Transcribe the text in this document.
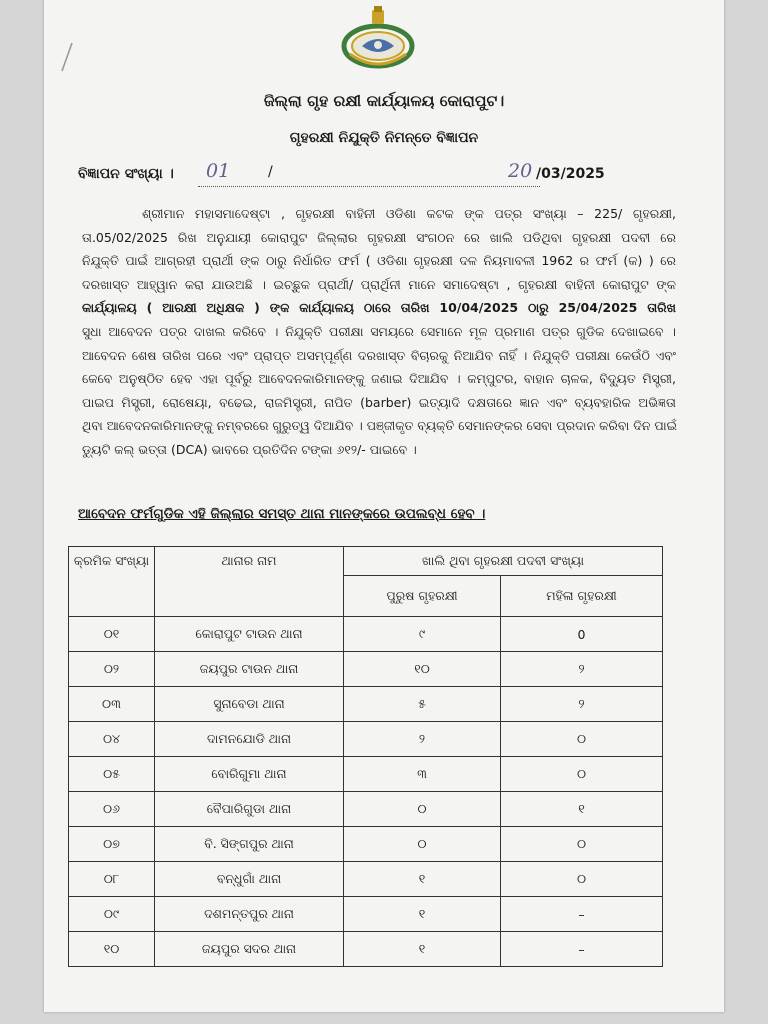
ଜିଲ୍ଲା ଗୃହ ରକ୍ଷୀ କାର୍ଯ୍ୟାଳୟ କୋରାପୁଟ।
ଗୃହରକ୍ଷୀ ନିଯୁକ୍ତି ନିମନ୍ତେ ବିଜ୍ଞାପନ
ବିଜ୍ଞାପନ ସଂଖ୍ୟା । 01	/	20 /03/2025

ଶ୍ରୀମାନ ମହାସମାଦେଷ୍ଟା , ଗୃହରକ୍ଷୀ ବାହିନୀ ଓଡିଶା କଟକ ଙ୍କ ପତ୍ର ସଂଖ୍ୟା – 225/ ଗୃହରକ୍ଷୀ,
ତା.05/02/2025 ରିଖ ଅନୁଯାୟୀ କୋରାପୁଟ ଜିଲ୍ଲାର ଗୃହରକ୍ଷୀ ସଂଗଠନ ରେ ଖାଲି ପଡିଥିବା ଗୃହରକ୍ଷୀ ପଦବୀ ରେ
ନିଯୁକ୍ତି ପାଇଁ ଆଗ୍ରହୀ ପ୍ରାର୍ଥୀ ଙ୍କ ଠାରୁ ନିର୍ଧାରିତ ଫର୍ମ ( ଓଡିଶା ଗୃହରକ୍ଷୀ ଦଳ ନିୟମାବଳୀ 1962 ର ଫର୍ମ (କ) ) ରେ
ଦରଖାସ୍ତ ଆହ୍ୱାନ କରା ଯାଉଅଛି । ଇଚ୍ଛୁକ ପ୍ରାର୍ଥୀ/ ପ୍ରାର୍ଥିନୀ ମାନେ ସମାଦେଷ୍ଟା , ଗୃହରକ୍ଷୀ ବାହିନୀ କୋରାପୁଟ ଙ୍କ
କାର୍ଯ୍ୟାଳୟ ( ଆରକ୍ଷୀ ଅଧିକ୍ଷକ ) ଙ୍କ କାର୍ଯ୍ୟାଳୟ ଠାରେ ତାରିଖ 10/04/2025 ଠାରୁ 25/04/2025 ତାରିଖ
ସୁଧା ଆବେଦନ ପତ୍ର ଦାଖଲ କରିବେ । ନିଯୁକ୍ତି ପରୀକ୍ଷା ସମୟରେ ସେମାନେ ମୂଳ ପ୍ରମାଣ ପତ୍ର ଗୁଡିକ ଦେଖାଇବେ ।
ଆବେଦନ ଶେଷ ତାରିଖ ପରେ ଏବଂ ପ୍ରାପ୍ତ ଅସମ୍ପୂର୍ଣ୍ଣ ଦରଖାସ୍ତ ବିଚାରକୁ ନିଆଯିବ ନାହିଁ । ନିଯୁକ୍ତି ପରୀକ୍ଷା କେଉଁଠି ଏବଂ
କେବେ ଅନୁଷ୍ଠିତ ହେବ ଏହା ପୂର୍ବରୁ ଆବେଦନକାରିମାନଙ୍କୁ ଜଣାଇ ଦିଆଯିବ । କମ୍ପୁଟର, ବାହାନ ଚାଳକ, ବିଦ୍ୟୁତ ମିସ୍ତ୍ରୀ,
ପାଇପ ମିସ୍ତ୍ରୀ, ରୋଷେୟା, ବଢେଇ, ରାଜମିସ୍ତ୍ରୀ, ନାପିତ (barber) ଇତ୍ୟାଦି ଦକ୍ଷତାରେ ଜ୍ଞାନ ଏବଂ ବ୍ୟବହାରିକ ଅଭିଜ୍ଞତା
ଥିବା ଆବେଦନକାରିମାନଙ୍କୁ ନମ୍ବରରେ ଗୁରୁତ୍ୱ ଦିଆଯିବ । ପଞ୍ଜୀକୃତ ବ୍ୟକ୍ତି ସେମାନଙ୍କର ସେବା ପ୍ରଦାନ କରିବା ଦିନ ପାଇଁ
ଡ୍ୟୁଟି କଲ୍ ଭତ୍ତା (DCA) ଭାବରେ ପ୍ରତିଦିନ ଟଙ୍କା ୬୧୨/- ପାଇବେ ।

ଆବେଦନ ଫର୍ମଗୁଡିକ ଏହି ଜିଲ୍ଲାର ସମସ୍ତ ଥାନା ମାନଙ୍କରେ ଉପଲବ୍ଧ ହେବ ।
କ୍ରମିକ ସଂଖ୍ୟା	ଥାନାର ନାମ	ଖାଲି ଥିବା ଗୃହରକ୍ଷୀ ପଦବୀ ସଂଖ୍ୟା	
		ପୁରୁଷ ଗୃହରକ୍ଷୀ	ମହିଳା ଗୃହରକ୍ଷୀ
୦୧	କୋରାପୁଟ ଟାଉନ ଥାନା	୯	0
୦୨	ଜୟପୁର ଟାଉନ ଥାନା	୧୦	୨
୦୩	ସୁନାବେଡା ଥାନା	୫	୨
୦୪	ଦାମନଯୋଡି ଥାନା	୨	୦
୦୫	ବୋରିଗୁମା ଥାନା	୩	୦
୦୬	ବୈପାରିଗୁଡା ଥାନା	୦	୧
୦୭	ବି. ସିଙ୍ଗପୁର ଥାନା	୦	୦
୦୮	ବନ୍ଧୁଗାଁ ଥାନା	୧	୦
୦୯	ଦଶମନ୍ତପୁର ଥାନା	୧	–
୧୦	ଜୟପୁର ସଦର ଥାନା	୧	–
